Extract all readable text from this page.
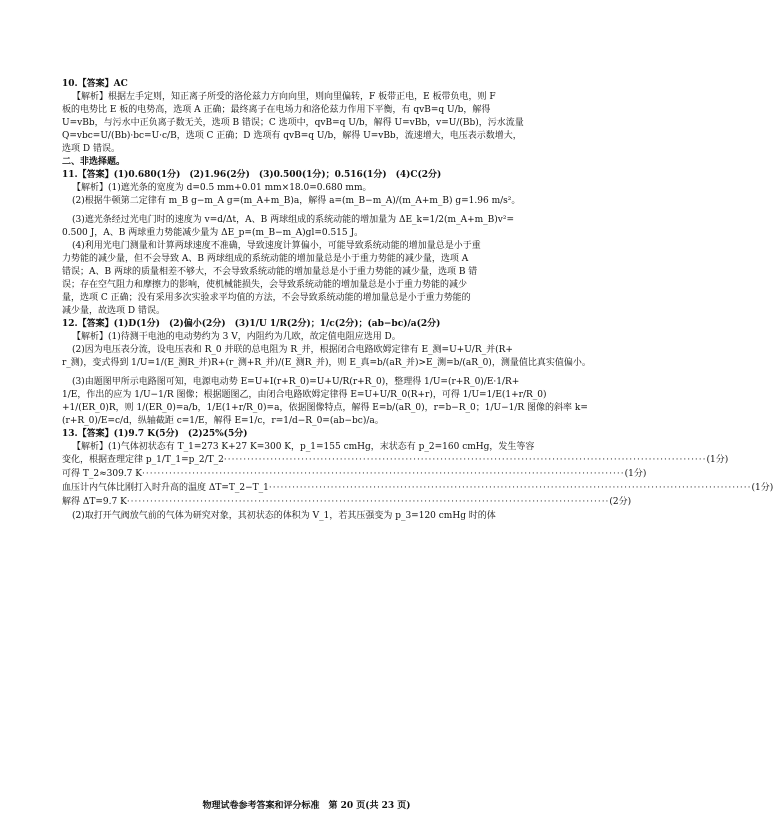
10.【答案】AC
【解析】根据左手定则，知正离子所受的洛伦兹力方向向里，则向里偏转，F 板带正电，E 板带负电，则 F
板的电势比 E 板的电势高，选项 A 正确；最终离子在电场力和洛伦兹力作用下平衡，有 qvB=q U/b，解得
U=vBb，与污水中正负离子数无关，选项 B 错误；C 选项中，qvB=q U/b，解得 U=vBb，v=U/(Bb)，污水流量
Q=vbc=U/(Bb)·bc=U·c/B，选项 C 正确；D 选项有 qvB=q U/b，解得 U=vBb，流速增大，电压表示数增大，
选项 D 错误。
二、非选择题。
11.【答案】(1)0.680(1分)　(2)1.96(2分)　(3)0.500(1分)；0.516(1分)　(4)C(2分)
【解析】(1)遮光条的宽度为 d=0.5 mm+0.01 mm×18.0=0.680 mm。
(2)根据牛顿第二定律有 m_B g−m_A g=(m_A+m_B)a，解得 a=(m_B−m_A)/(m_A+m_B) g=1.96 m/s²。
(3)遮光条经过光电门时的速度为 v=d/Δt，A、B 两球组成的系统动能的增加量为 ΔE_k=1/2(m_A+m_B)v²=
0.500 J，A、B 两球重力势能减少量为 ΔE_p=(m_B−m_A)gl=0.515 J。
(4)利用光电门测量和计算两球速度不准确，导致速度计算偏小，可能导致系统动能的增加量总是小于重
力势能的减少量，但不会导致 A、B 两球组成的系统动能的增加量总是小于重力势能的减少量，选项 A
错误；A、B 两球的质量相差不够大，不会导致系统动能的增加量总是小于重力势能的减少量，选项 B 错
误；存在空气阻力和摩擦力的影响，使机械能损失，会导致系统动能的增加量总是小于重力势能的减少
量，选项 C 正确；没有采用多次实验求平均值的方法，不会导致系统动能的增加量总是小于重力势能的
减少量，故选项 D 错误。
12.【答案】(1)D(1分)　(2)偏小(2分)　(3)1/U 1/R(2分)；1/c(2分)；(ab−bc)/a(2分)
【解析】(1)待测干电池的电动势约为 3 V，内阻约为几欧，故定值电阻应选用 D。
(2)因为电压表分流，设电压表和 R_0 并联的总电阻为 R_并，根据闭合电路欧姆定律有 E_测=U+U/R_并(R+
r_测)，变式得到 1/U=1/(E_测R_并)R+(r_测+R_并)/(E_测R_并)，则 E_真=b/(aR_并)>E_测=b/(aR_0)，测量值比真实值偏小。
(3)由题图甲所示电路图可知，电源电动势 E=U+I(r+R_0)=U+U/R(r+R_0)，整理得 1/U=(r+R_0)/E·1/R+
1/E，作出的应为 1/U−1/R 图像；根据题图乙，由闭合电路欧姆定律得 E=U+U/R_0(R+r)，可得 1/U=1/E(1+r/R_0)
+1/(ER_0)R，则 1/(ER_0)=a/b，1/E(1+r/R_0)=a，依据图像特点，解得 E=b/(aR_0)，r=b−R_0；1/U−1/R 图像的斜率 k=
(r+R_0)/E=c/d，纵轴截距 c=1/E，解得 E=1/c，r=1/d−R_0=(ab−bc)/a。
13.【答案】(1)9.7 K(5分)　(2)25%(5分)
【解析】(1)气体初状态有 T_1=273 K+27 K=300 K，p_1=155 cmHg，末状态有 p_2=160 cmHg，发生等容
变化，根据查理定律 p_1/T_1=p_2/T_2 ····························································································································· (1分)
可得 T_2≈309.7 K ····························································································································· (1分)
血压计内气体比刚打入时升高的温度 ΔT=T_2−T_1 ····························································································································· (1分)
解得 ΔT=9.7 K ····························································································································· (2分)
(2)取打开气阀放气前的气体为研究对象，其初状态的体积为 V_1，若其压强变为 p_3=120 cmHg 时的体
物理试卷参考答案和评分标准　第 20 页(共 23 页)
